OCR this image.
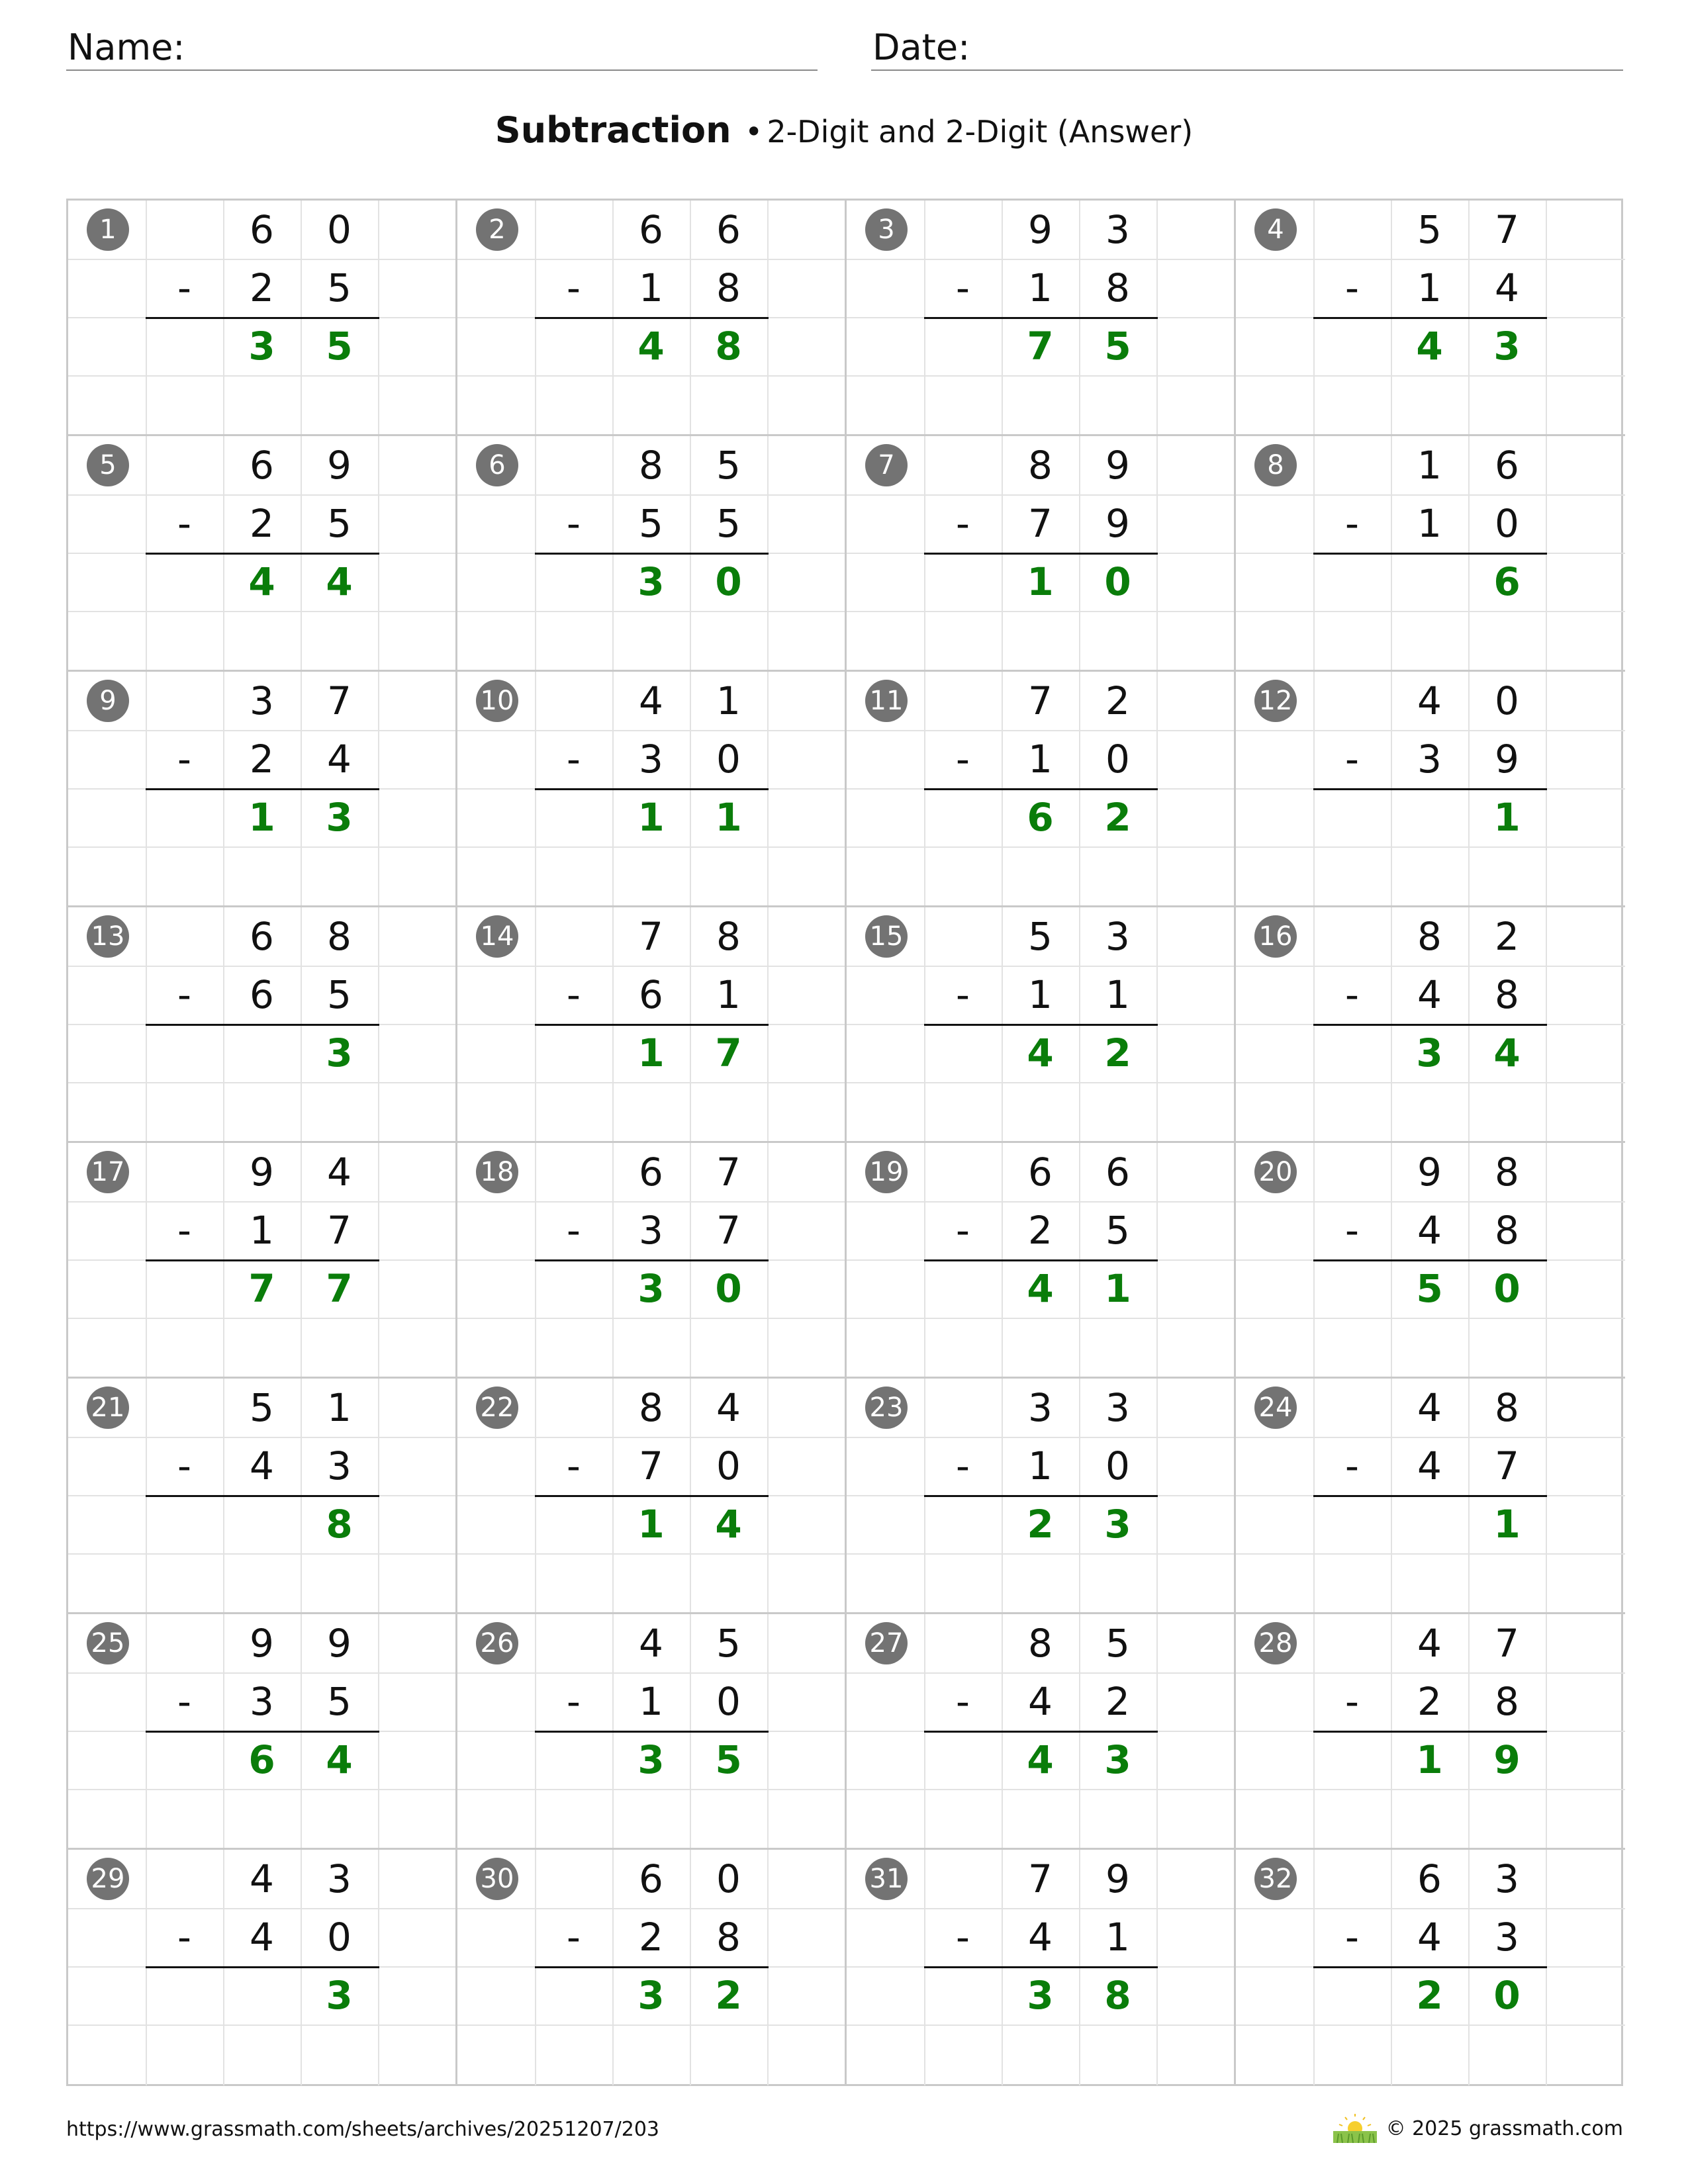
Name:	Date:
Subtraction • 2-Digit and 2-Digit (Answer)
1	6	0
-	2	5
3	5
2	6	6
-	1	8
4	8
3	9	3
-	1	8
7	5
4	5	7
-	1	4
4	3
5	6	9
-	2	5
4	4
6	8	5
-	5	5
3	0
7	8	9
-	7	9
1	0
8	1	6
-	1	0
6
9	3	7
-	2	4
1	3
10	4	1
-	3	0
1	1
11	7	2
-	1	0
6	2
12	4	0
-	3	9
1
13	6	8
-	6	5
3
14	7	8
-	6	1
1	7
15	5	3
-	1	1
4	2
16	8	2
-	4	8
3	4
17	9	4
-	1	7
7	7
18	6	7
-	3	7
3	0
19	6	6
-	2	5
4	1
20	9	8
-	4	8
5	0
21	5	1
-	4	3
8
22	8	4
-	7	0
1	4
23	3	3
-	1	0
2	3
24	4	8
-	4	7
1
25	9	9
-	3	5
6	4
26	4	5
-	1	0
3	5
27	8	5
-	4	2
4	3
28	4	7
-	2	8
1	9
29	4	3
-	4	0
3
30	6	0
-	2	8
3	2
31	7	9
-	4	1
3	8
32	6	3
-	4	3
2	0
https://www.grassmath.com/sheets/archives/20251207/203	© 2025 grassmath.com
